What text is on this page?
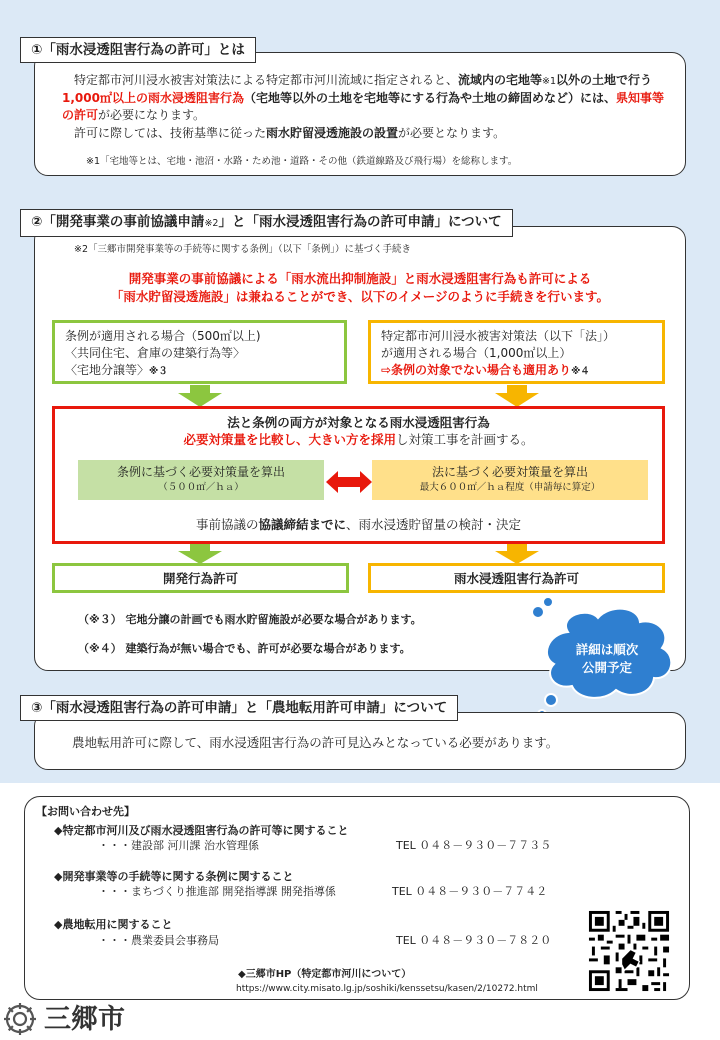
①「雨水浸透阻害行為の許可」とは
特定都市河川浸水被害対策法による特定都市河川流域に指定されると、流域内の宅地等※1以外の土地で行う1,000㎡以上の雨水浸透阻害行為（宅地等以外の土地を宅地等にする行為や土地の締固めなど）には、県知事等の許可が必要になります。
許可に際しては、技術基準に従った雨水貯留浸透施設の設置が必要となります。
※1「宅地等とは、宅地・池沼・水路・ため池・道路・その他（鉄道線路及び飛行場）を総称します。
②「開発事業の事前協議申請※2」と「雨水浸透阻害行為の許可申請」について
※2「三郷市開発事業等の手続等に関する条例」（以下「条例」）に基づく手続き
開発事業の事前協議による「雨水流出抑制施設」と雨水浸透阻害行為も許可による
「雨水貯留浸透施設」は兼ねることができ、以下のイメージのように手続きを行います。
条例が適用される場合（500㎡以上)
〈共同住宅、倉庫の建築行為等〉
〈宅地分譲等〉※３
特定都市河川浸水被害対策法（以下「法」）
が適用される場合（1,000㎡以上）
⇨条例の対象でない場合も適用あり※４
法と条例の両方が対象となる雨水浸透阻害行為
必要対策量を比較し、大きい方を採用し対策工事を計画する。
条例に基づく必要対策量を算出
（５００㎡／ｈａ）
法に基づく必要対策量を算出
最大６００㎡／ｈａ程度（申請毎に算定）
事前協議の協議締結までに、雨水浸透貯留量の検討・決定
開発行為許可	雨水浸透阻害行為許可
（※３） 宅地分譲の計画でも雨水貯留施設が必要な場合があります。
（※４） 建築行為が無い場合でも、許可が必要な場合があります。	詳細は順次
公開予定
③「雨水浸透阻害行為の許可申請」と「農地転用許可申請」について
農地転用許可に際して、雨水浸透阻害行為の許可見込みとなっている必要があります。
【お問い合わせ先】
◆特定都市河川及び雨水浸透阻害行為の許可等に関すること
・・・建設部 河川課 治水管理係	TEL ０４８－９３０－７７３５
◆開発事業等の手続等に関する条例に関すること
・・・まちづくり推進部 開発指導課 開発指導係	TEL ０４８－９３０－７７４２
◆農地転用に関すること
・・・農業委員会事務局	TEL ０４８－９３０－７８２０
◆三郷市HP（特定都市河川について）
https://www.city.misato.lg.jp/soshiki/kenssetsu/kasen/2/10272.html
三郷市
